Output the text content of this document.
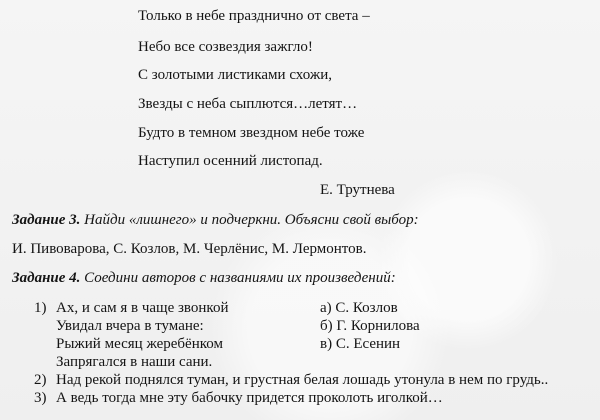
Только в небе празднично от света –
Небо все созвездия зажгло!
С золотыми листиками схожи,
Звезды с неба сыплются…летят…
Будто в темном звездном небе тоже
Наступил осенний листопад.
Е. Трутнева
Задание 3. Найди «лишнего» и подчеркни. Объясни свой выбор:
И. Пивоварова, С. Козлов, М. Черлёнис, М. Лермонтов.
Задание 4. Соедини авторов с названиями их произведений:
1) Ах, и сам я в чаще звонкой
Увидал вчера в тумане:
Рыжий месяц жеребёнком
Запрягался в наши сани.
а) С. Козлов
б) Г. Корнилова
в) С. Есенин
2) Над рекой поднялся туман, и грустная белая лошадь утонула в нем по грудь..
3) А ведь тогда мне эту бабочку придется проколоть иголкой…
